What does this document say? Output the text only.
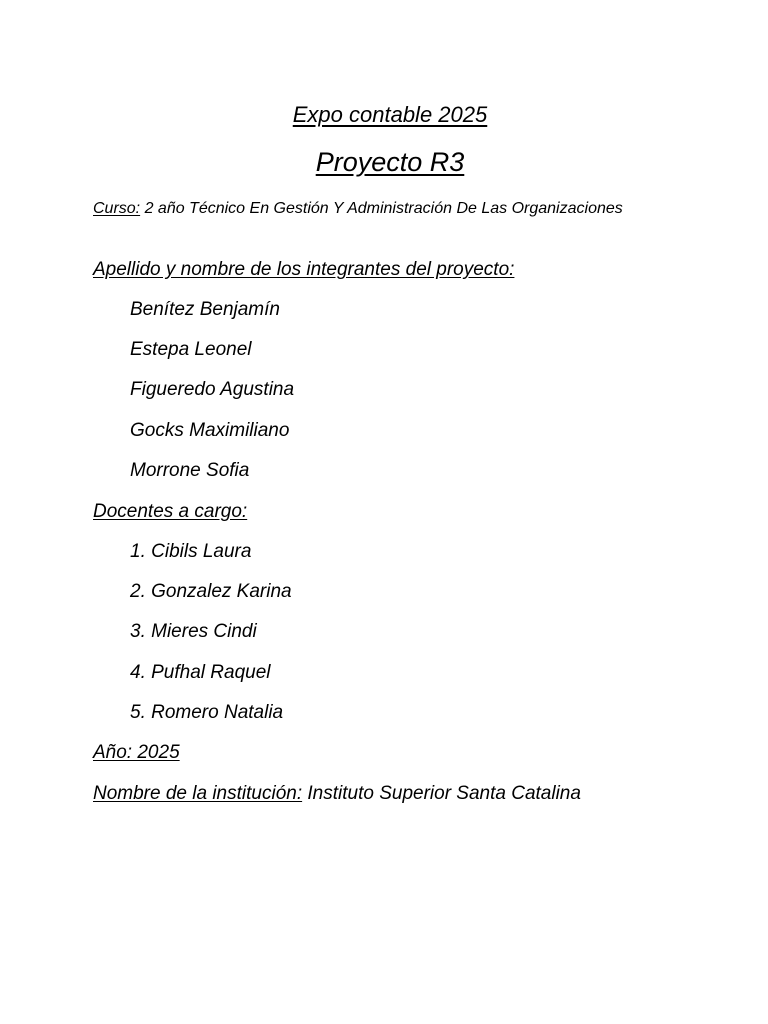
Expo contable 2025
Proyecto R3
Curso: 2 año Técnico En Gestión Y Administración De Las Organizaciones
Apellido y nombre de los integrantes del proyecto:
Benítez Benjamín
Estepa Leonel
Figueredo Agustina
Gocks Maximiliano
Morrone Sofia
Docentes a cargo:
1. Cibils Laura
2. Gonzalez Karina
3. Mieres Cindi
4. Pufhal Raquel
5. Romero Natalia
Año: 2025
Nombre de la institución: Instituto Superior Santa Catalina
